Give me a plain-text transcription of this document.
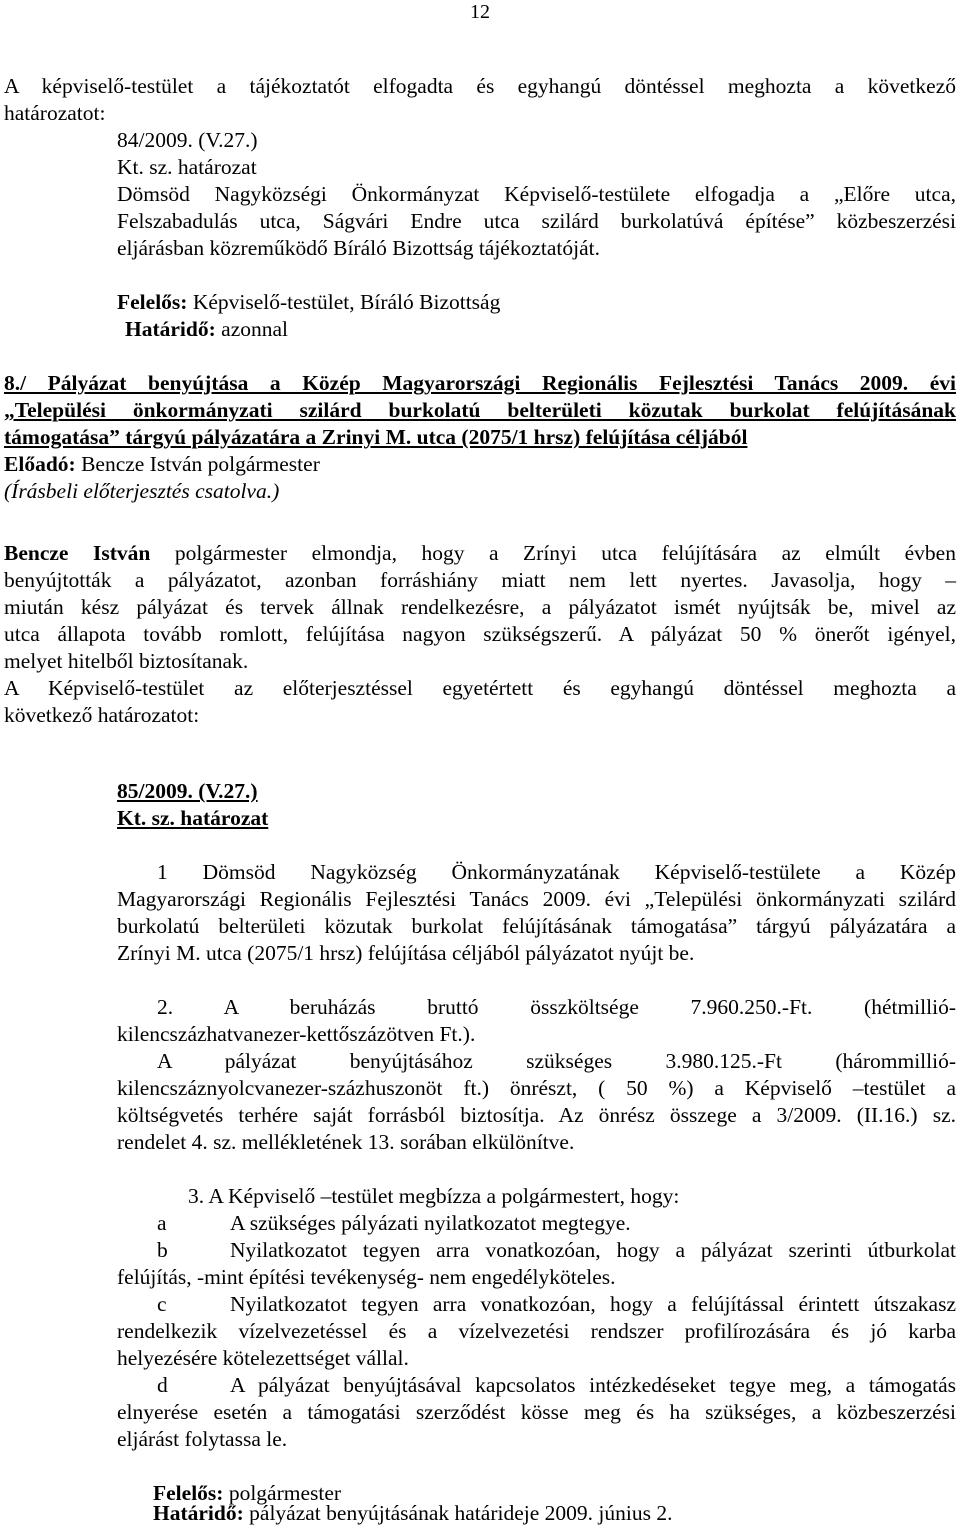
12
A képviselő-testület a tájékoztatót elfogadta és egyhangú döntéssel meghozta a következő
határozatot:
84/2009. (V.27.)
Kt. sz. határozat
Dömsöd Nagyközségi Önkormányzat Képviselő-testülete elfogadja a „Előre utca,
Felszabadulás utca, Ságvári Endre utca szilárd burkolatúvá építése” közbeszerzési
eljárásban közreműködő Bíráló Bizottság tájékoztatóját.
Felelős: Képviselő-testület, Bíráló Bizottság
Határidő: azonnal
8./ Pályázat benyújtása a Közép Magyarországi Regionális Fejlesztési Tanács 2009. évi
„Települési önkormányzati szilárd burkolatú belterületi közutak burkolat felújításának
támogatása” tárgyú pályázatára a Zrinyi M. utca (2075/1 hrsz) felújítása céljából
Előadó: Bencze István polgármester
(Írásbeli előterjesztés csatolva.)
Bencze István polgármester elmondja, hogy a Zrínyi utca felújítására az elmúlt évben
benyújtották a pályázatot, azonban forráshiány miatt nem lett nyertes. Javasolja, hogy –
miután kész pályázat és tervek állnak rendelkezésre, a pályázatot ismét nyújtsák be, mivel az
utca állapota tovább romlott, felújítása nagyon szükségszerű. A pályázat 50 % önerőt igényel,
melyet hitelből biztosítanak.
A Képviselő-testület az előterjesztéssel egyetértett és egyhangú döntéssel meghozta a
következő határozatot:
85/2009. (V.27.)
Kt. sz. határozat
1 Dömsöd Nagyközség Önkormányzatának Képviselő-testülete a Közép
Magyarországi Regionális Fejlesztési Tanács 2009. évi „Települési önkormányzati szilárd
burkolatú belterületi közutak burkolat felújításának támogatása” tárgyú pályázatára a
Zrínyi M. utca (2075/1 hrsz) felújítása céljából pályázatot nyújt be.
2. A beruházás bruttó összköltsége 7.960.250.-Ft. (hétmillió-
kilencszázhatvanezer-kettőszázötven Ft.).
A pályázat benyújtásához szükséges 3.980.125.-Ft (hárommillió-
kilencszáznyolcvanezer-százhuszonöt ft.) önrészt, ( 50 %) a Képviselő –testület a
költségvetés terhére saját forrásból biztosítja. Az önrész összege a 3/2009. (II.16.) sz.
rendelet 4. sz. mellékletének 13. sorában elkülönítve.
3. A Képviselő –testület megbízza a polgármestert, hogy:
a	A szükséges pályázati nyilatkozatot megtegye.
b	Nyilatkozatot tegyen arra vonatkozóan, hogy a pályázat szerinti útburkolat
felújítás, -mint építési tevékenység- nem engedélyköteles.
c	Nyilatkozatot tegyen arra vonatkozóan, hogy a felújítással érintett útszakasz
rendelkezik vízelvezetéssel és a vízelvezetési rendszer profilírozására és jó karba
helyezésére kötelezettséget vállal.
d	A pályázat benyújtásával kapcsolatos intézkedéseket tegye meg, a támogatás
elnyerése esetén a támogatási szerződést kösse meg és ha szükséges, a közbeszerzési
eljárást folytassa le.
Felelős: polgármester
Határidő: pályázat benyújtásának határideje 2009. június 2.
